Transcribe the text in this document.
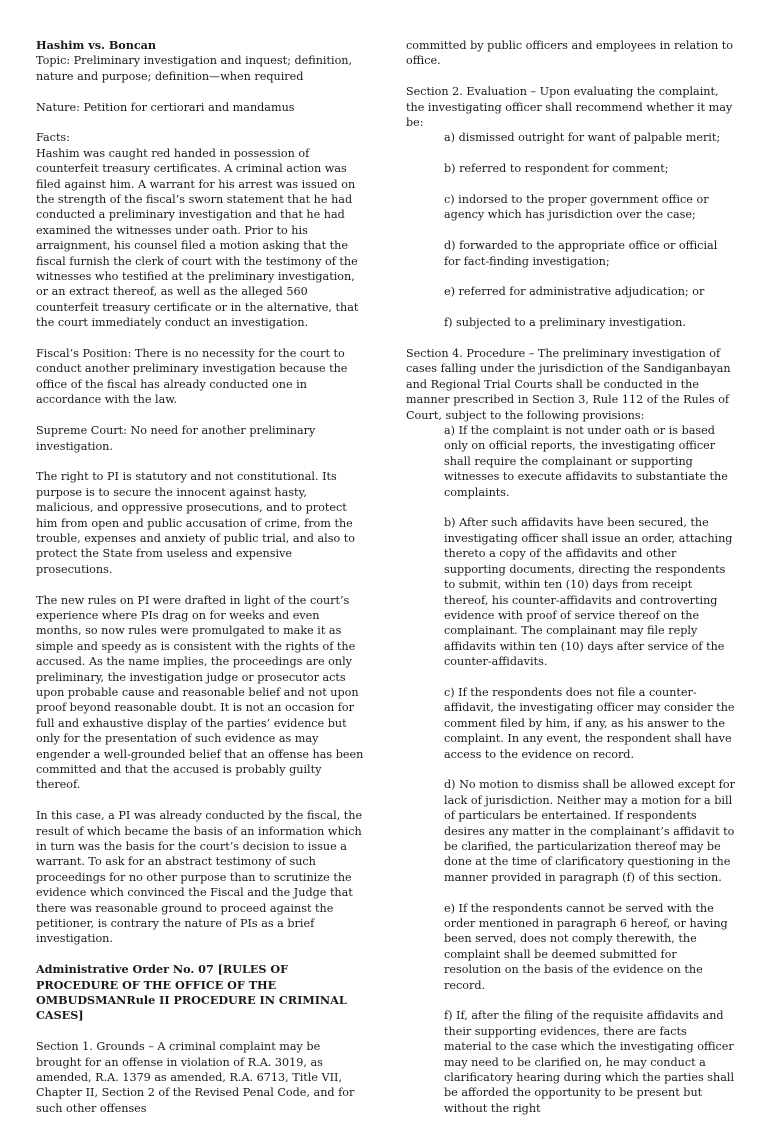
Hashim vs. Boncan
Topic: Preliminary investigation and inquest; definition, nature and purpose; definition—when required
Nature: Petition for certiorari and mandamus
Facts:
Hashim was caught red handed in possession of counterfeit treasury certificates. A criminal action was filed against him. A warrant for his arrest was issued on the strength of the fiscal’s sworn statement that he had conducted a preliminary investigation and that he had examined the witnesses under oath. Prior to his arraignment, his counsel filed a motion asking that the fiscal furnish the clerk of court with the testimony of the witnesses who testified at the preliminary investigation, or an extract thereof, as well as the alleged 560 counterfeit treasury certificate or in the alternative, that the court immediately conduct an investigation.
Fiscal’s Position: There is no necessity for the court to conduct another preliminary investigation because the office of the fiscal has already conducted one in accordance with the law.
Supreme Court: No need for another preliminary investigation.
The right to PI is statutory and not constitutional. Its purpose is to secure the innocent against hasty, malicious, and oppressive prosecutions, and to protect him from open and public accusation of crime, from the trouble, expenses and anxiety of public trial, and also to protect the State from useless and expensive prosecutions.
The new rules on PI were drafted in light of the court’s experience where PIs drag on for weeks and even months, so now rules were promulgated to make it as simple and speedy as is consistent with the rights of the accused. As the name implies, the proceedings are only preliminary, the investigation judge or prosecutor acts upon probable cause and reasonable belief and not upon proof beyond reasonable doubt. It is not an occasion for full and exhaustive display of the parties’ evidence but only for the presentation of such evidence as may engender a well-grounded belief that an offense has been committed and that the accused is probably guilty thereof.
In this case, a PI was already conducted by the fiscal, the result of which became the basis of an information which in turn was the basis for the court’s decision to issue a warrant. To ask for an abstract testimony of such proceedings for no other purpose than to scrutinize the evidence which convinced the Fiscal and the Judge that there was reasonable ground to proceed against the petitioner, is contrary the nature of PIs as a brief investigation.
Administrative Order No. 07 [RULES OF PROCEDURE OF THE OFFICE OF THE OMBUDSMANRule II PROCEDURE IN CRIMINAL CASES]
Section 1. Grounds – A criminal complaint may be brought for an offense in violation of R.A. 3019, as amended, R.A. 1379 as amended, R.A. 6713, Title VII, Chapter II, Section 2 of the Revised Penal Code, and for such other offenses
committed by public officers and employees in relation to office.
Section 2. Evaluation – Upon evaluating the complaint, the investigating officer shall recommend whether it may be:
a) dismissed outright for want of palpable merit;
b) referred to respondent for comment;
c) indorsed to the proper government office or agency which has jurisdiction over the case;
d) forwarded to the appropriate office or official for fact-finding investigation;
e) referred for administrative adjudication; or
f) subjected to a preliminary investigation.
Section 4. Procedure – The preliminary investigation of cases falling under the jurisdiction of the Sandiganbayan and Regional Trial Courts shall be conducted in the manner prescribed in Section 3, Rule 112 of the Rules of Court, subject to the following provisions:
a) If the complaint is not under oath or is based only on official reports, the investigating officer shall require the complainant or supporting witnesses to execute affidavits to substantiate the complaints.
b) After such affidavits have been secured, the investigating officer shall issue an order, attaching thereto a copy of the affidavits and other supporting documents, directing the respondents to submit, within ten (10) days from receipt thereof, his counter-affidavits and controverting evidence with proof of service thereof on the complainant. The complainant may file reply affidavits within ten (10) days after service of the counter-affidavits.
c) If the respondents does not file a counter-affidavit, the investigating officer may consider the comment filed by him, if any, as his answer to the complaint. In any event, the respondent shall have access to the evidence on record.
d) No motion to dismiss shall be allowed except for lack of jurisdiction. Neither may a motion for a bill of particulars be entertained. If respondents desires any matter in the complainant’s affidavit to be clarified, the particularization thereof may be done at the time of clarificatory questioning in the manner provided in paragraph (f) of this section.
e) If the respondents cannot be served with the order mentioned in paragraph 6 hereof, or having been served, does not comply therewith, the complaint shall be deemed submitted for resolution on the basis of the evidence on the record.
f) If, after the filing of the requisite affidavits and their supporting evidences, there are facts material to the case which the investigating officer may need to be clarified on, he may conduct a clarificatory hearing during which the parties shall be afforded the opportunity to be present but without the right
